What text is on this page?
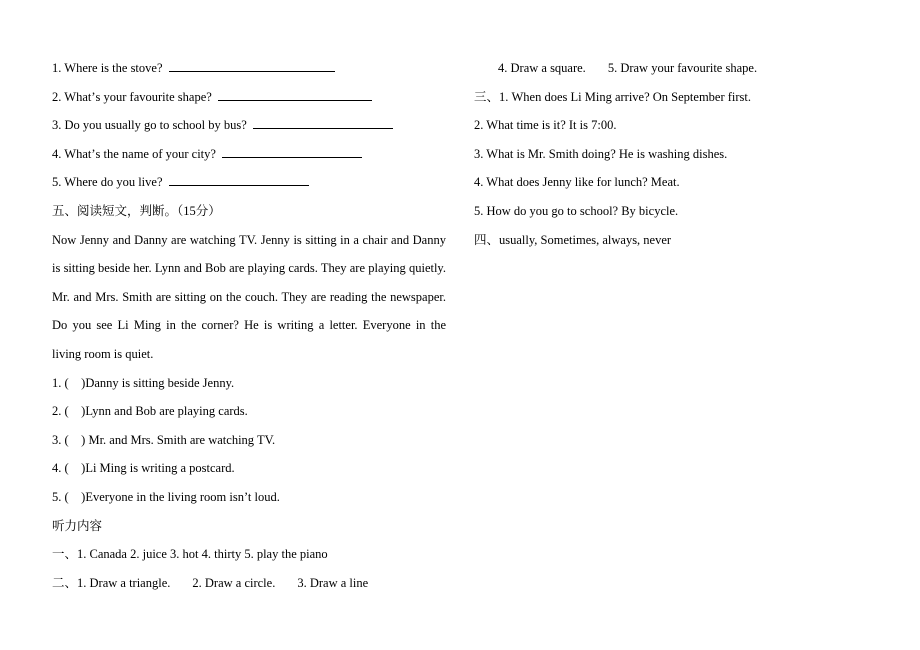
1. Where is the stove?
2. Whatʼs your favourite shape?
3. Do you usually go to school by bus?
4. Whatʼs the name of your city?
5. Where do you live?
五、阅读短文，判断。（15分）
Now Jenny and Danny are watching TV. Jenny is sitting in a chair and Danny is sitting beside her. Lynn and Bob are playing cards. They are playing quietly. Mr. and Mrs. Smith are sitting on the couch. They are reading the newspaper. Do you see Li Ming in the corner? He is writing a letter. Everyone in the living room is quiet.
1. (    )Danny is sitting beside Jenny.
2. (    )Lynn and Bob are playing cards.
3. (    ) Mr. and Mrs. Smith are watching TV.
4. (    )Li Ming is writing a postcard.
5. (    )Everyone in the living room isn’t loud.
听力内容
一、1. Canada 2. juice 3. hot 4. thirty 5. play the piano
二、1. Draw a triangle. 2. Draw a circle. 3. Draw a line
4. Draw a square. 5. Draw your favourite shape.
三、1. When does Li Ming arrive? On September first.
2. What time is it? It is 7:00.
3. What is Mr. Smith doing? He is washing dishes.
4. What does Jenny like for lunch? Meat.
5. How do you go to school? By bicycle.
四、usually, Sometimes, always, never
